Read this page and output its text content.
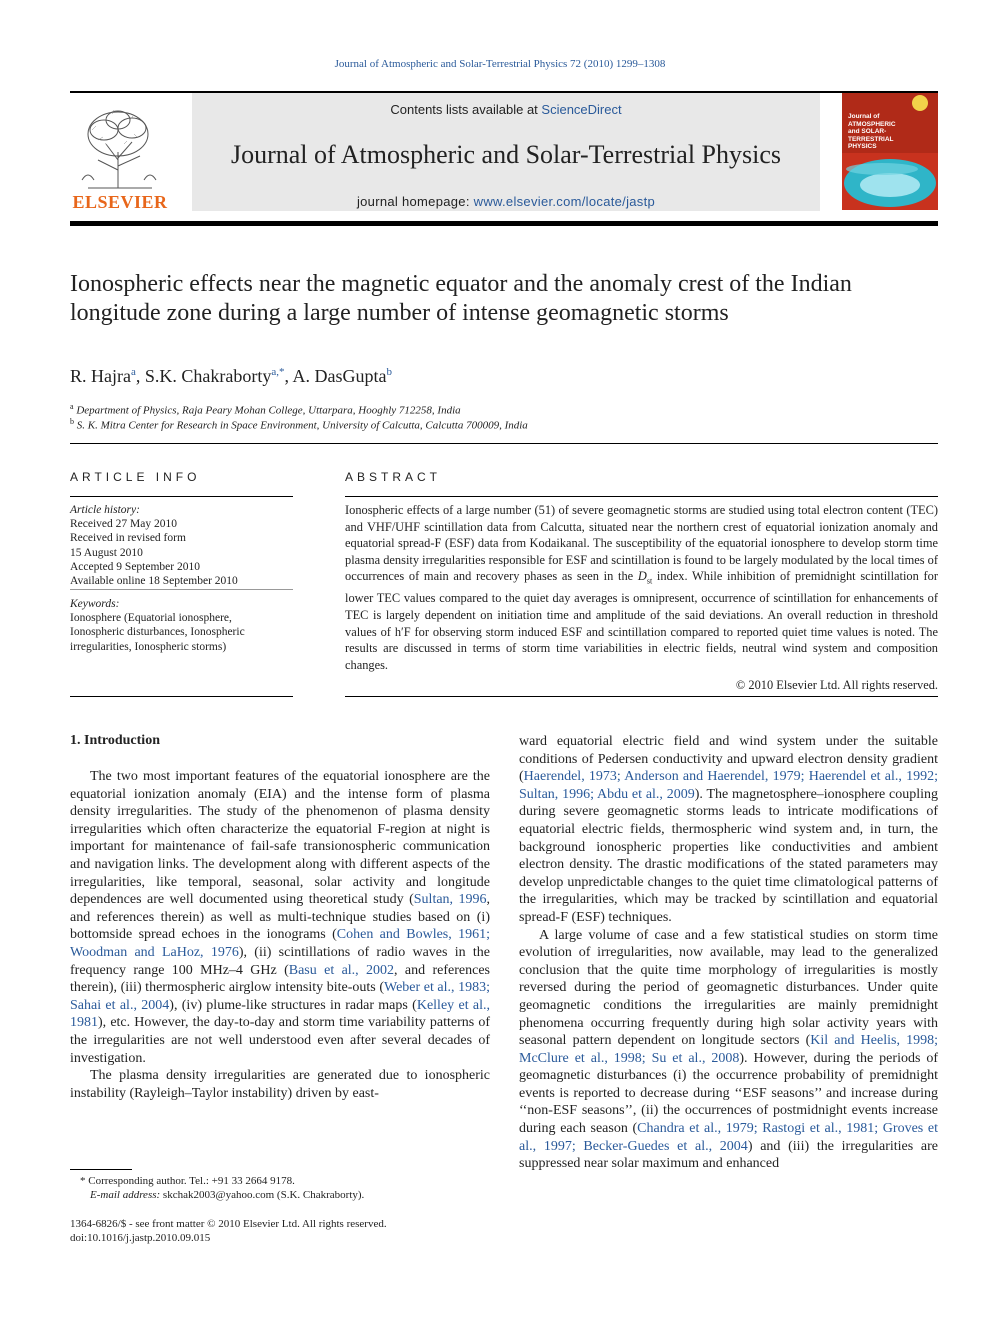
Journal of Atmospheric and Solar-Terrestrial Physics 72 (2010) 1299–1308
ELSEVIER
Contents lists available at ScienceDirect
Journal of Atmospheric and Solar-Terrestrial Physics
journal homepage: www.elsevier.com/locate/jastp
Journal of ATMOSPHERIC and SOLAR-TERRESTRIAL PHYSICS
Ionospheric effects near the magnetic equator and the anomaly crest of the Indian longitude zone during a large number of intense geomagnetic storms
R. Hajra$^a$, S.K. Chakraborty$^{a,*}$, A. DasGupta$^b$
$^a$ Department of Physics, Raja Peary Mohan College, Uttarpara, Hooghly 712258, India
$^b$ S. K. Mitra Center for Research in Space Environment, University of Calcutta, Calcutta 700009, India
ARTICLE INFO
Article history:
Received 27 May 2010
Received in revised form
15 August 2010
Accepted 9 September 2010
Available online 18 September 2010
Keywords:
Ionosphere (Equatorial ionosphere, Ionospheric disturbances, Ionospheric irregularities, Ionospheric storms)
ABSTRACT
Ionospheric effects of a large number (51) of severe geomagnetic storms are studied using total electron content (TEC) and VHF/UHF scintillation data from Calcutta, situated near the northern crest of equatorial ionization anomaly and equatorial spread-F (ESF) data from Kodaikanal. The susceptibility of the equatorial ionosphere to develop storm time plasma density irregularities responsible for ESF and scintillation is found to be largely modulated by the local times of occurrences of main and recovery phases as seen in the $D_{st}$ index. While inhibition of premidnight scintillation for lower TEC values compared to the quiet day averages is omnipresent, occurrence of scintillation for enhancements of TEC is largely dependent on initiation time and amplitude of the said deviations. An overall reduction in threshold values of h′F for observing storm induced ESF and scintillation compared to reported quiet time values is noted. The results are discussed in terms of storm time variabilities in electric fields, neutral wind system and composition changes.
© 2010 Elsevier Ltd. All rights reserved.
1. Introduction

The two most important features of the equatorial ionosphere are the equatorial ionization anomaly (EIA) and the intense form of plasma density irregularities. The study of the phenomenon of plasma density irregularities which often characterize the equatorial F-region at night is important for maintenance of fail-safe transionospheric communication and navigation links. The development along with different aspects of the irregularities, like temporal, seasonal, solar activity and longitude dependences are well documented using theoretical study (Sultan, 1996, and references therein) as well as multi-technique studies based on (i) bottomside spread echoes in the ionograms (Cohen and Bowles, 1961; Woodman and LaHoz, 1976), (ii) scintillations of radio waves in the frequency range 100 MHz–4 GHz (Basu et al., 2002, and references therein), (iii) thermospheric airglow intensity bite-outs (Weber et al., 1983; Sahai et al., 2004), (iv) plume-like structures in radar maps (Kelley et al., 1981), etc. However, the day-to-day and storm time variability patterns of the irregularities are not well understood even after several decades of investigation.

The plasma density irregularities are generated due to ionospheric instability (Rayleigh–Taylor instability) driven by east-

ward equatorial electric field and wind system under the suitable conditions of Pedersen conductivity and upward electron density gradient (Haerendel, 1973; Anderson and Haerendel, 1979; Haerendel et al., 1992; Sultan, 1996; Abdu et al., 2009). The magnetosphere–ionosphere coupling during severe geomagnetic storms leads to intricate modifications of equatorial electric fields, thermospheric wind system and, in turn, the background ionospheric properties like conductivities and ambient electron density. The drastic modifications of the stated parameters may develop unpredictable changes to the quiet time climatological patterns of the irregularities, which may be tracked by scintillation and equatorial spread-F (ESF) techniques.

A large volume of case and a few statistical studies on storm time evolution of irregularities, now available, may lead to the generalized conclusion that the quite time morphology of irregularities is mostly reversed during the period of geomagnetic disturbances. Under quite geomagnetic conditions the irregularities are mainly premidnight phenomena occurring frequently during high solar activity years with seasonal pattern dependent on longitude sectors (Kil and Heelis, 1998; McClure et al., 1998; Su et al., 2008). However, during the periods of geomagnetic disturbances (i) the occurrence probability of premidnight events is reported to decrease during ‘‘ESF seasons’’ and increase during ‘‘non-ESF seasons’’, (ii) the occurrences of postmidnight events increase during each season (Chandra et al., 1979; Rastogi et al., 1981; Groves et al., 1997; Becker-Guedes et al., 2004) and (iii) the irregularities are suppressed near solar maximum and enhanced

* Corresponding author. Tel.: +91 33 2664 9178.
E-mail address: skchak2003@yahoo.com (S.K. Chakraborty).
1364-6826/$ - see front matter © 2010 Elsevier Ltd. All rights reserved.
doi:10.1016/j.jastp.2010.09.015
